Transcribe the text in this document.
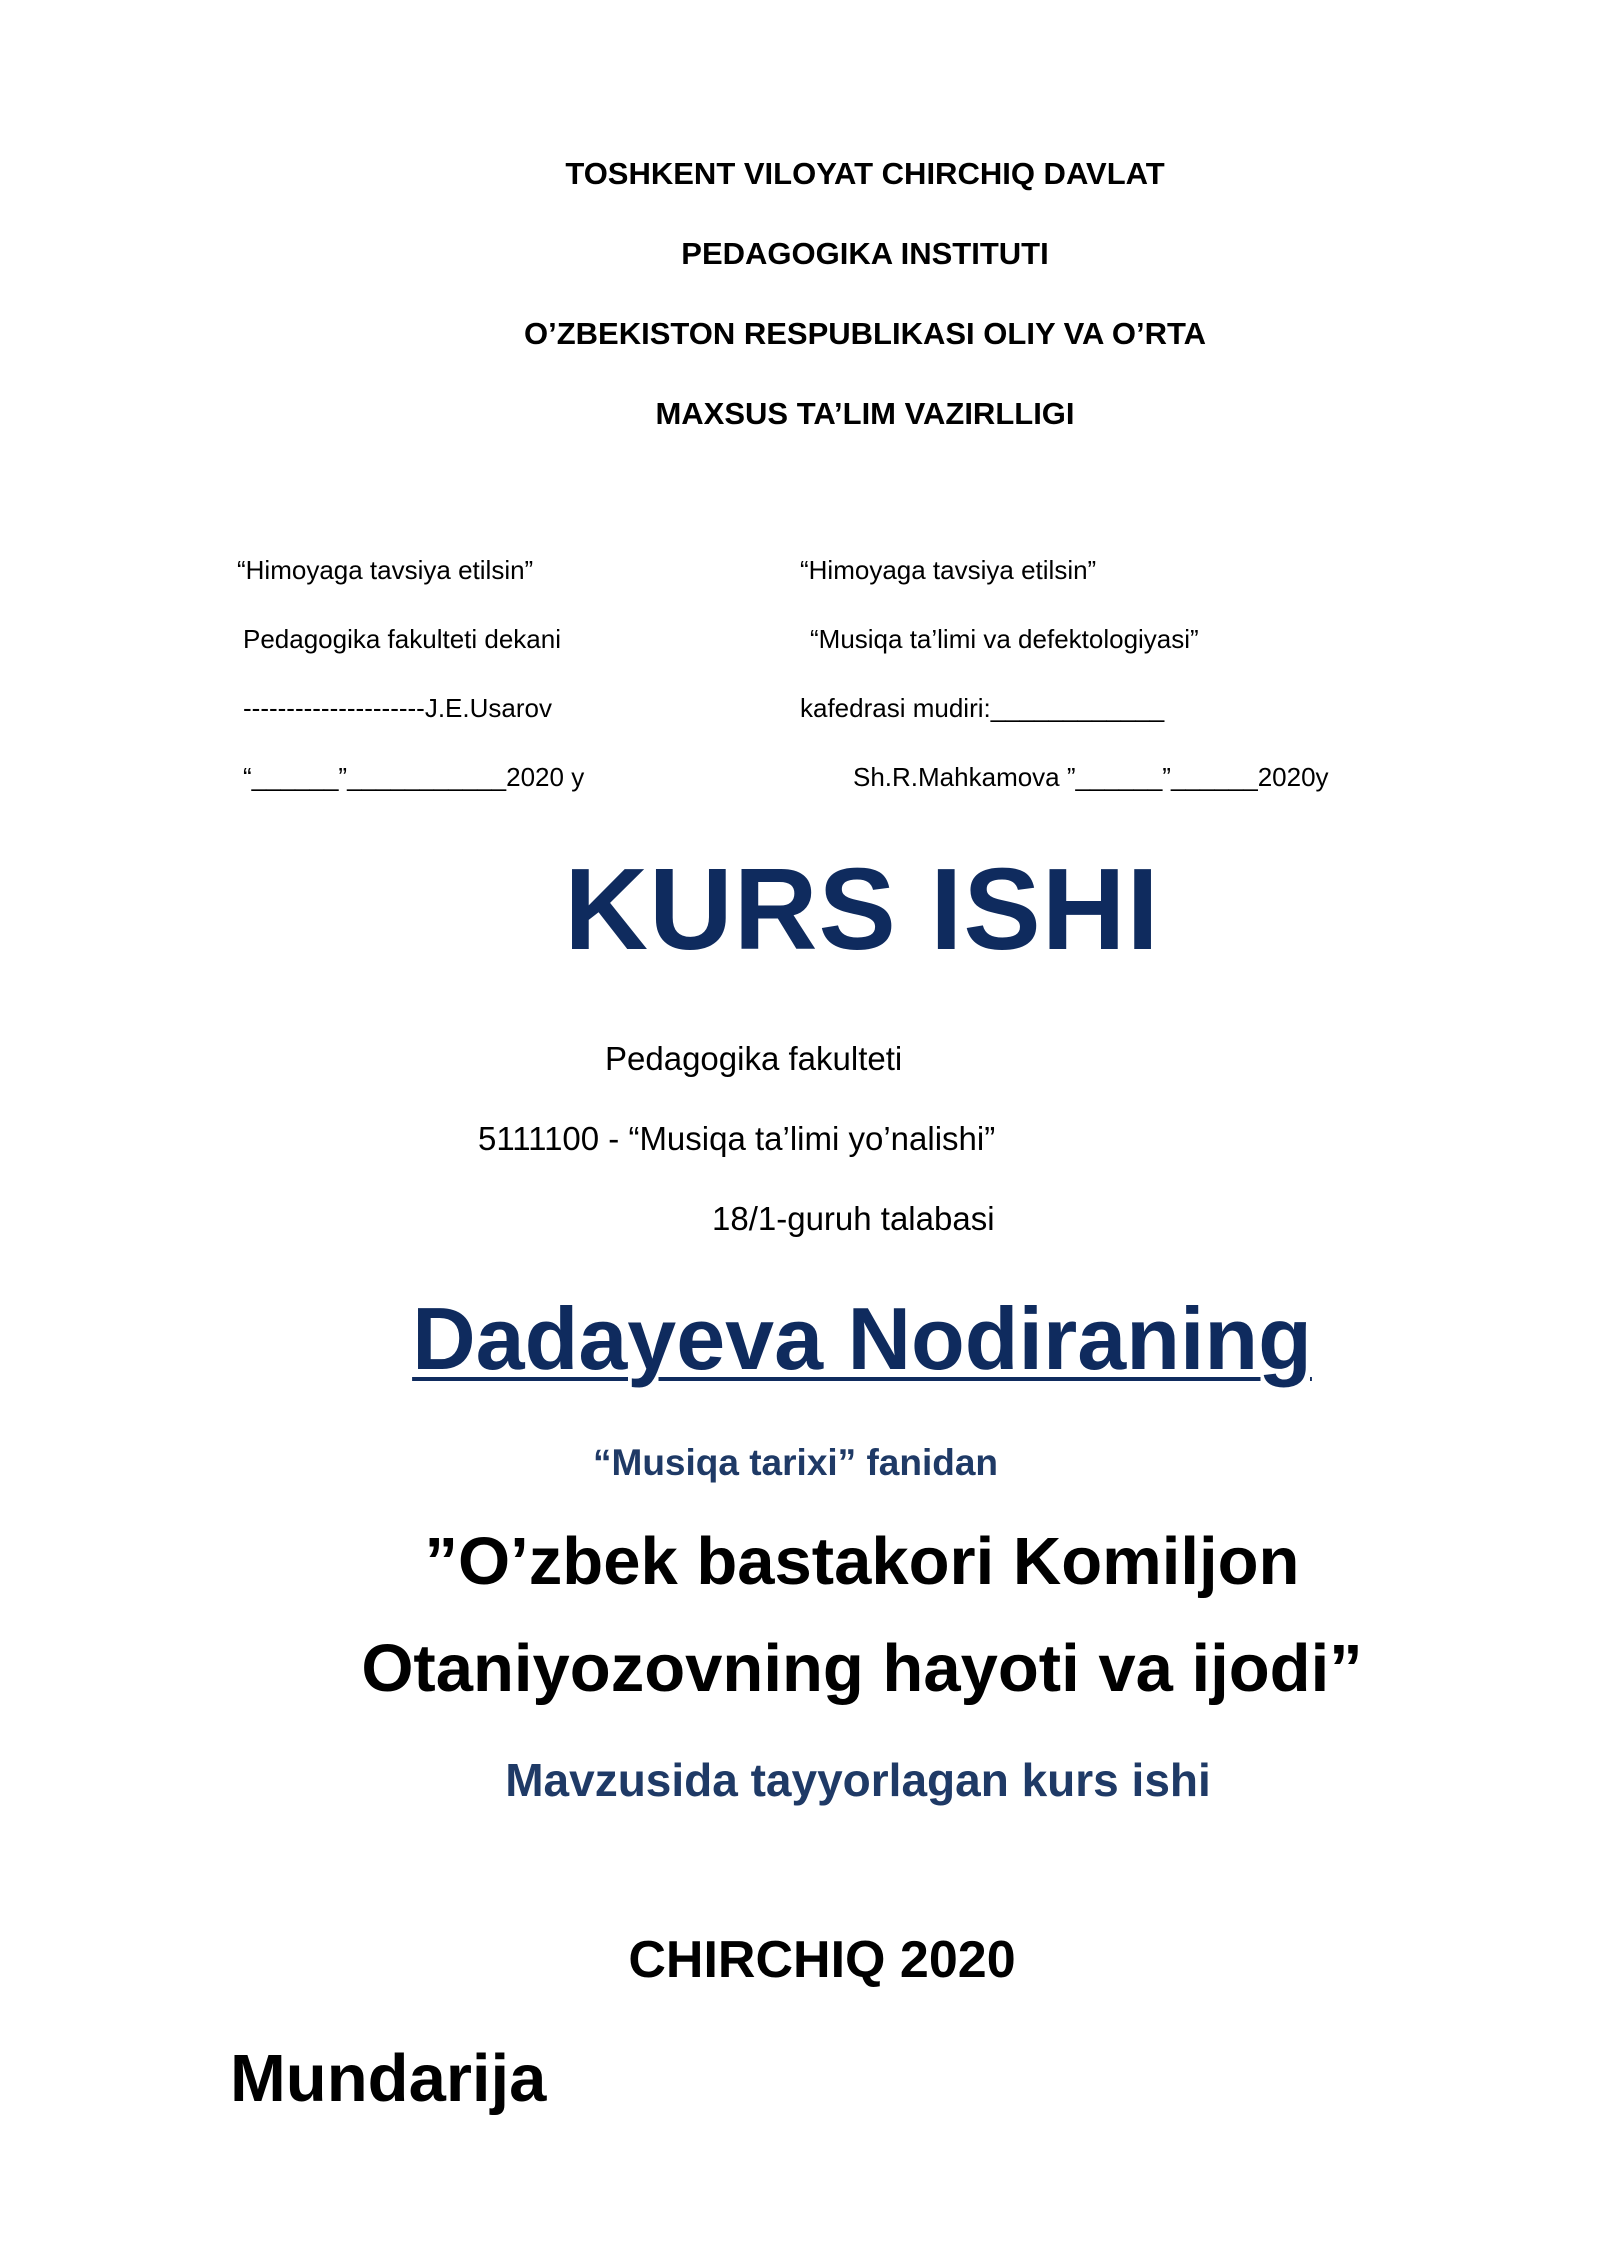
TOSHKENT VILOYAT CHIRCHIQ DAVLAT
PEDAGOGIKA INSTITUTI
O’ZBEKISTON RESPUBLIKASI OLIY VA O’RTA
MAXSUS TA’LIM VAZIRLLIGI
“Himoyaga tavsiya etilsin”
Pedagogika fakulteti dekani
---------------------J.E.Usarov
“______”___________2020 y
“Himoyaga tavsiya etilsin”
“Musiqa ta’limi va defektologiyasi”
kafedrasi mudiri:____________
Sh.R.Mahkamova ”______”______2020y
KURS ISHI
Pedagogika fakulteti
5111100 - “Musiqa ta’limi yo’nalishi”
18/1-guruh talabasi
Dadayeva Nodiraning
“Musiqa tarixi” fanidan
”O’zbek bastakori Komiljon
Otaniyozovning hayoti va ijodi”
Mavzusida tayyorlagan kurs ishi
CHIRCHIQ 2020
Mundarija
